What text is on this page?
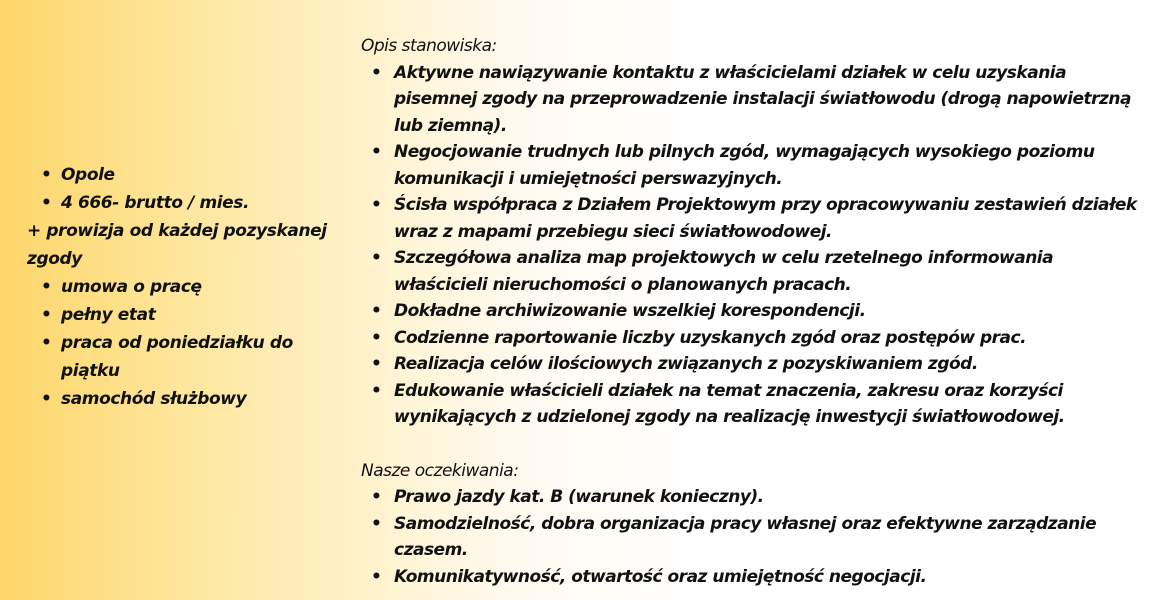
• Opole
• 4 666- brutto / mies.

+ prowizja od każdej pozyskanej zgody

• umowa o pracę
• pełny etat
• praca od poniedziałku do piątku
• samochód służbowy

Opis stanowiska:

• Aktywne nawiązywanie kontaktu z właścicielami działek w celu uzyskania pisemnej zgody na przeprowadzenie instalacji światłowodu (drogą napowietrzną lub ziemną).
• Negocjowanie trudnych lub pilnych zgód, wymagających wysokiego poziomu komunikacji i umiejętności perswazyjnych.
• Ścisła współpraca z Działem Projektowym przy opracowywaniu zestawień działek wraz z mapami przebiegu sieci światłowodowej.
• Szczegółowa analiza map projektowych w celu rzetelnego informowania właścicieli nieruchomości o planowanych pracach.
• Dokładne archiwizowanie wszelkiej korespondencji.
• Codzienne raportowanie liczby uzyskanych zgód oraz postępów prac.
• Realizacja celów ilościowych związanych z pozyskiwaniem zgód.
• Edukowanie właścicieli działek na temat znaczenia, zakresu oraz korzyści wynikających z udzielonej zgody na realizację inwestycji światłowodowej.

Nasze oczekiwania:

• Prawo jazdy kat. B (warunek konieczny).
• Samodzielność, dobra organizacja pracy własnej oraz efektywne zarządzanie czasem.
• Komunikatywność, otwartość oraz umiejętność negocjacji.
